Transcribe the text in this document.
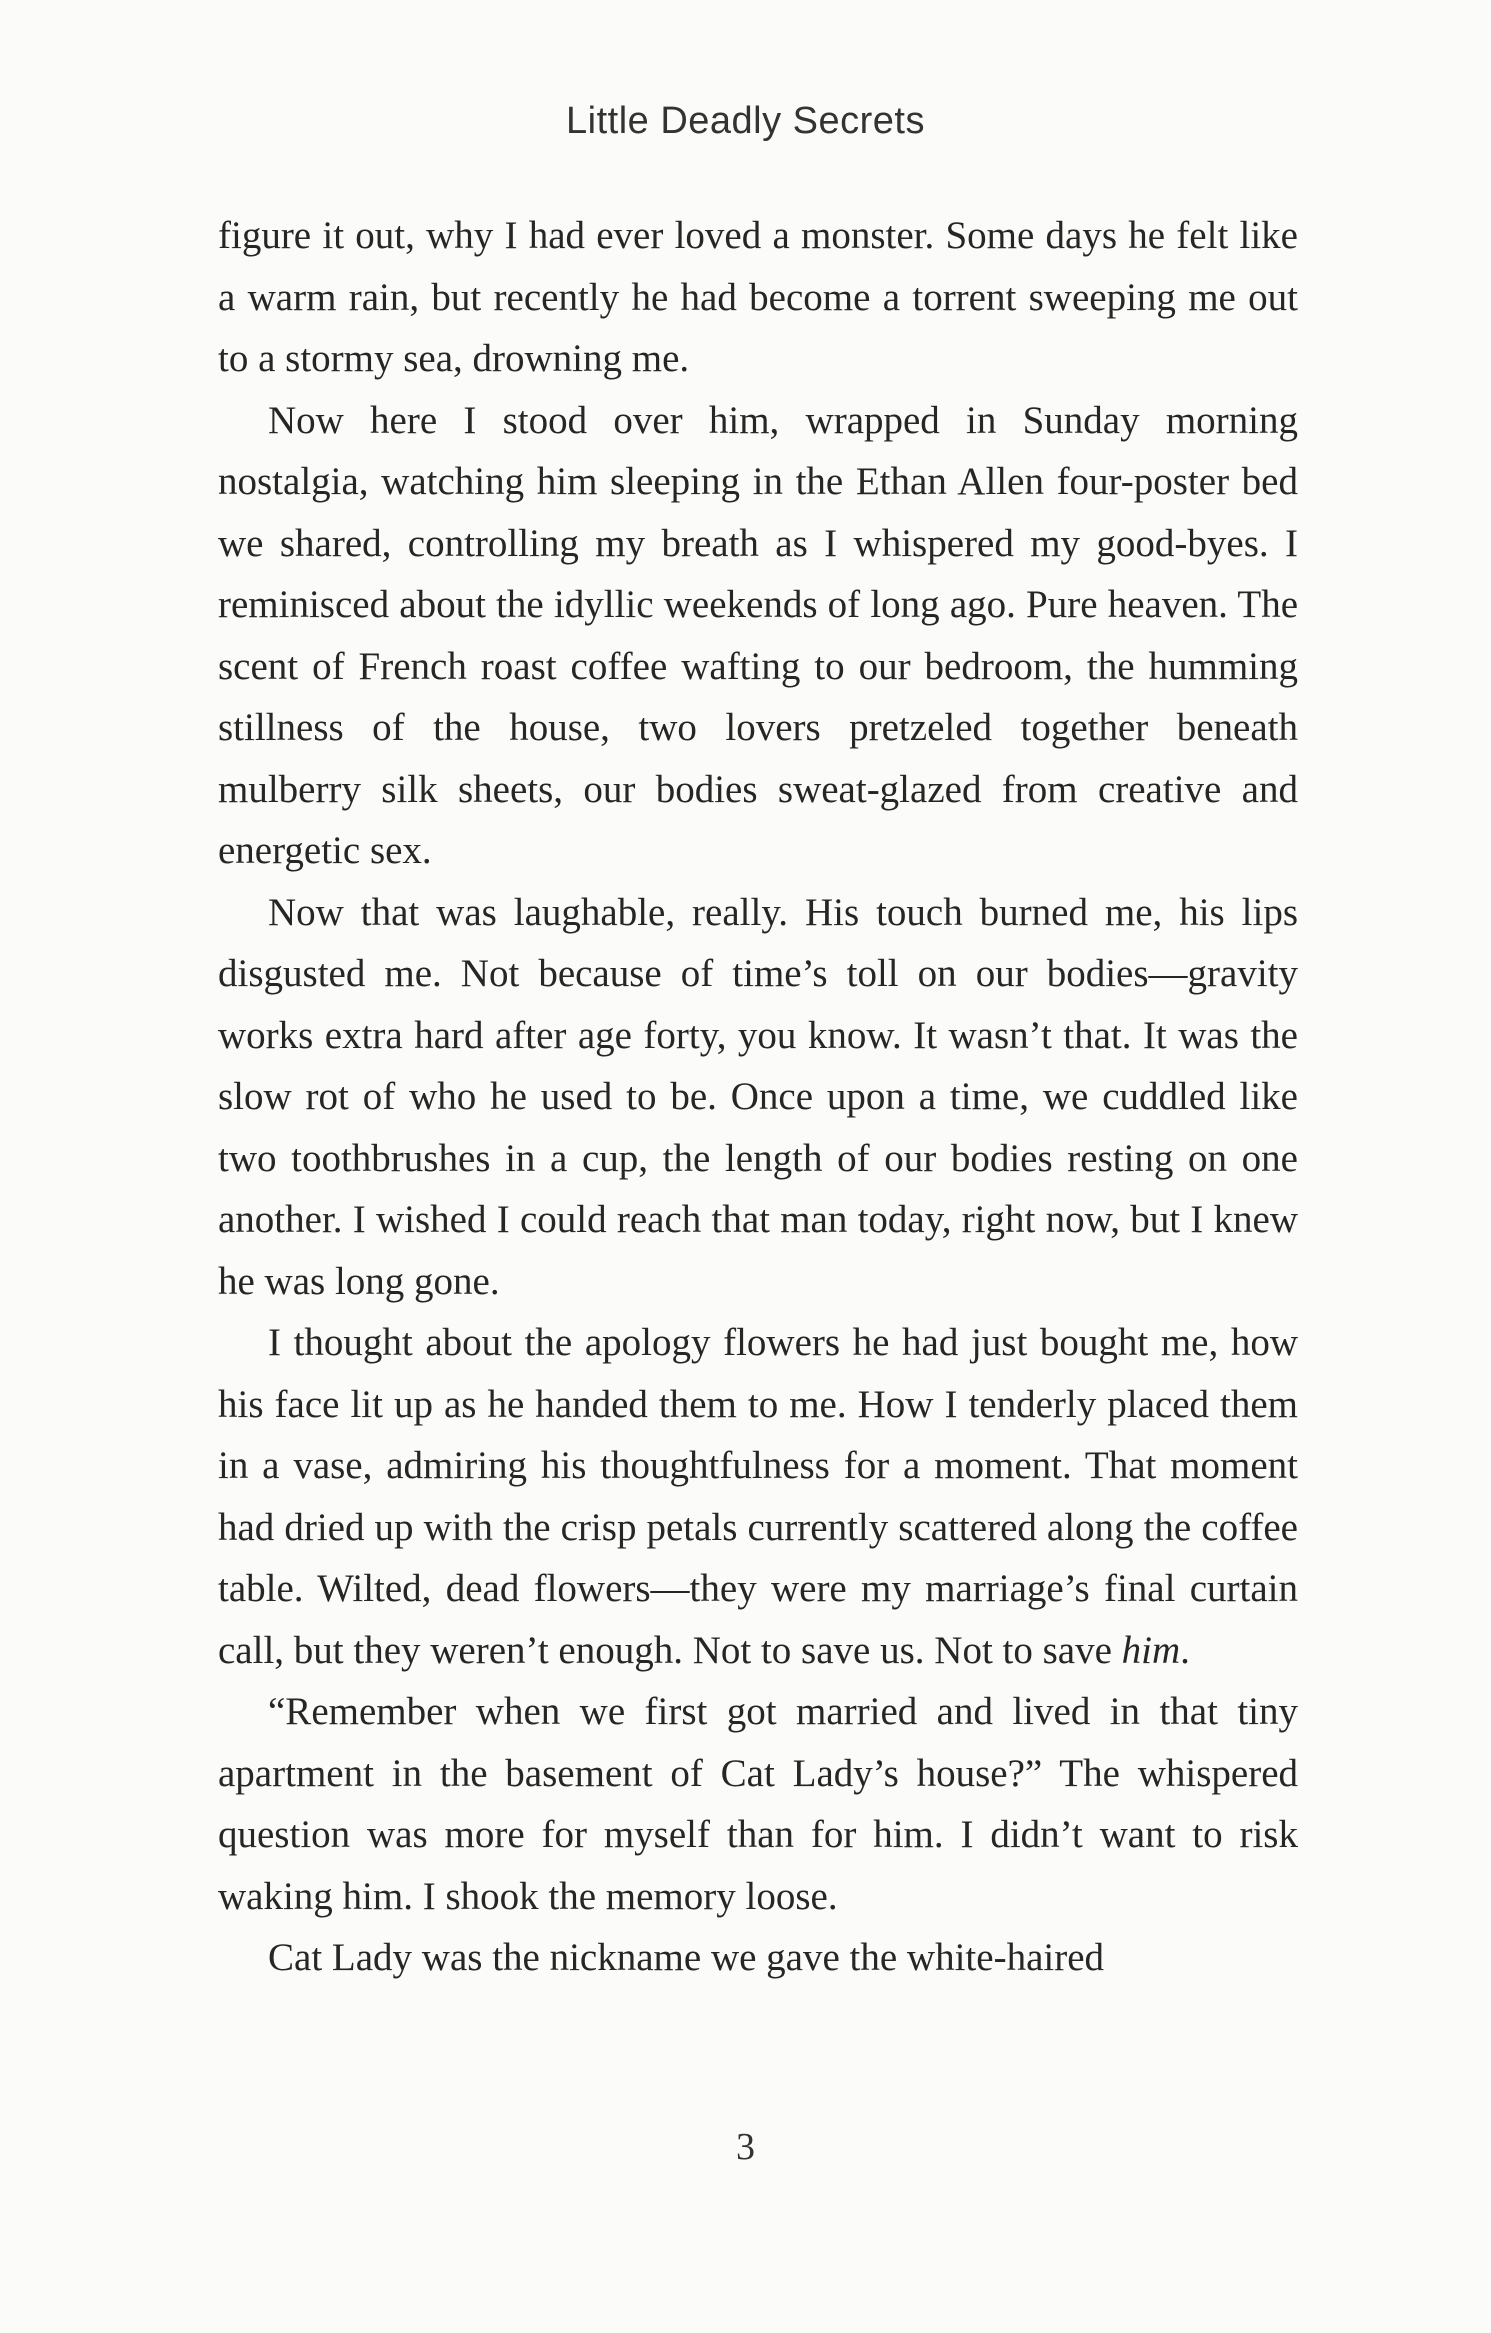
Little Deadly Secrets

figure it out, why I had ever loved a monster. Some days he felt like a warm rain, but recently he had become a torrent sweeping me out to a stormy sea, drowning me.

Now here I stood over him, wrapped in Sunday morning nostalgia, watching him sleeping in the Ethan Allen four-poster bed we shared, controlling my breath as I whispered my good-byes. I reminisced about the idyllic weekends of long ago. Pure heaven. The scent of French roast coffee wafting to our bedroom, the humming stillness of the house, two lovers pretzeled together beneath mulberry silk sheets, our bodies sweat-glazed from creative and energetic sex.

Now that was laughable, really. His touch burned me, his lips disgusted me. Not because of time’s toll on our bodies—gravity works extra hard after age forty, you know. It wasn’t that. It was the slow rot of who he used to be. Once upon a time, we cuddled like two toothbrushes in a cup, the length of our bodies resting on one another. I wished I could reach that man today, right now, but I knew he was long gone.

I thought about the apology flowers he had just bought me, how his face lit up as he handed them to me. How I tenderly placed them in a vase, admiring his thoughtfulness for a moment. That moment had dried up with the crisp petals currently scattered along the coffee table. Wilted, dead flowers—they were my marriage’s final curtain call, but they weren’t enough. Not to save us. Not to save him.

“Remember when we first got married and lived in that tiny apartment in the basement of Cat Lady’s house?” The whispered question was more for myself than for him. I didn’t want to risk waking him. I shook the memory loose.

Cat Lady was the nickname we gave the white-haired

3
